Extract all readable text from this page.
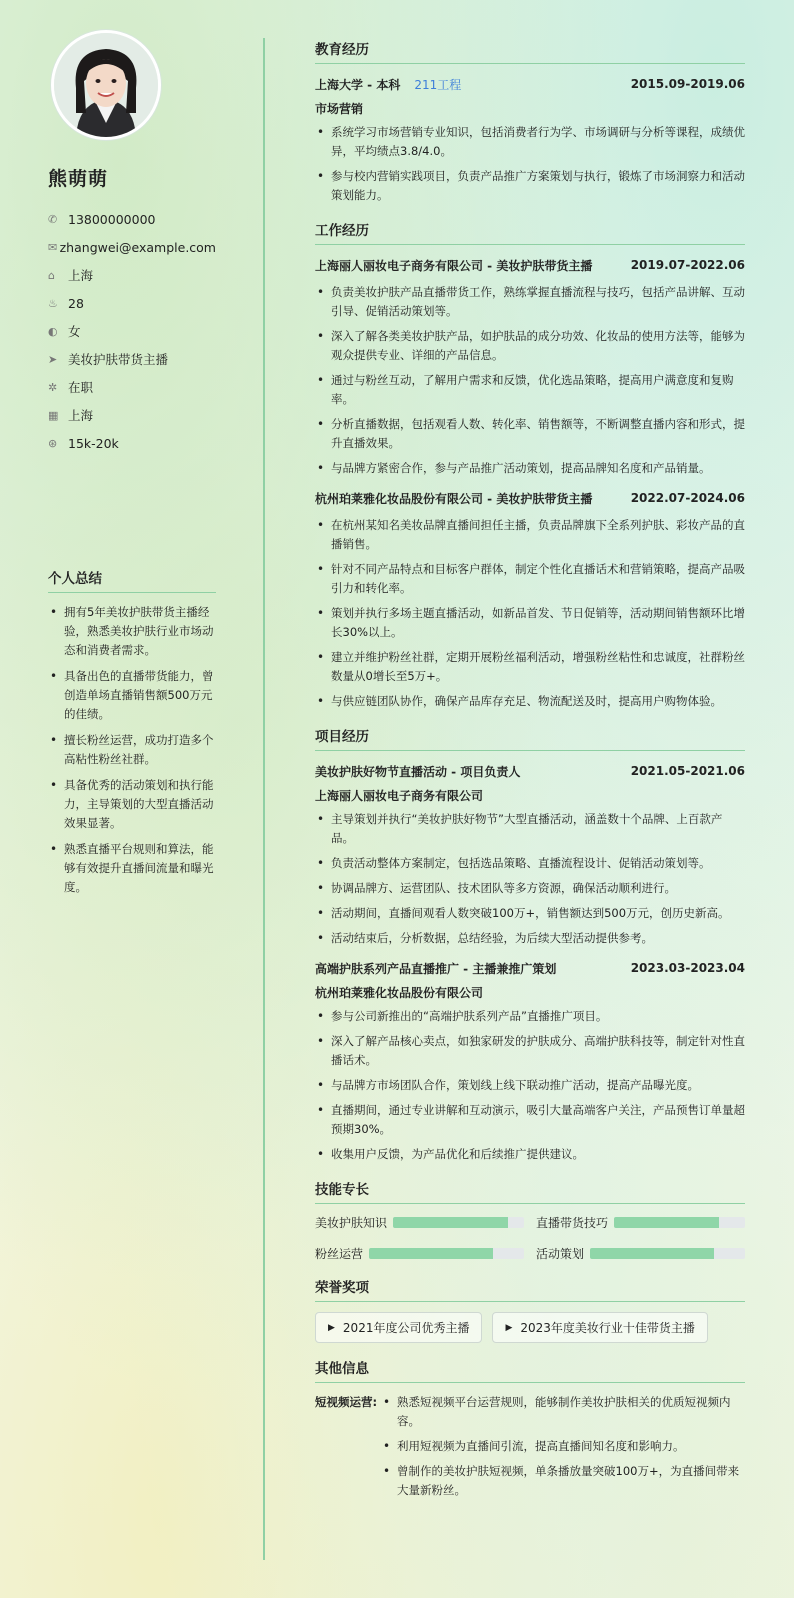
熊萌萌
✆ 13800000000
✉ zhangwei@example.com
⌂	上海
♨ 28
◐ 女
➤ 美妆护肤带货主播
✲ 在职
▦ 上海
⊛ 15k-20k
个人总结
• 拥有5年美妆护肤带货主播经验，熟悉美妆护肤行业市场动态和消费者需求。
• 具备出色的直播带货能力，曾创造单场直播销售额500万元的佳绩。
• 擅长粉丝运营，成功打造多个高粘性粉丝社群。
• 具备优秀的活动策划和执行能力，主导策划的大型直播活动效果显著。
• 熟悉直播平台规则和算法，能够有效提升直播间流量和曝光度。
教育经历
上海大学 - 本科 211工程	2015.09-2019.06
市场营销
• 系统学习市场营销专业知识，包括消费者行为学、市场调研与分析等课程，成绩优异，平均绩点3.8/4.0。
• 参与校内营销实践项目，负责产品推广方案策划与执行，锻炼了市场洞察力和活动策划能力。
工作经历
上海丽人丽妆电子商务有限公司 - 美妆护肤带货主播	2019.07-2022.06
• 负责美妆护肤产品直播带货工作，熟练掌握直播流程与技巧，包括产品讲解、互动引导、促销活动策划等。
• 深入了解各类美妆护肤产品，如护肤品的成分功效、化妆品的使用方法等，能够为观众提供专业、详细的产品信息。
• 通过与粉丝互动，了解用户需求和反馈，优化选品策略，提高用户满意度和复购率。
• 分析直播数据，包括观看人数、转化率、销售额等，不断调整直播内容和形式，提升直播效果。
• 与品牌方紧密合作，参与产品推广活动策划，提高品牌知名度和产品销量。
杭州珀莱雅化妆品股份有限公司 - 美妆护肤带货主播	2022.07-2024.06
• 在杭州某知名美妆品牌直播间担任主播，负责品牌旗下全系列护肤、彩妆产品的直播销售。
• 针对不同产品特点和目标客户群体，制定个性化直播话术和营销策略，提高产品吸引力和转化率。
• 策划并执行多场主题直播活动，如新品首发、节日促销等，活动期间销售额环比增长30%以上。
• 建立并维护粉丝社群，定期开展粉丝福利活动，增强粉丝粘性和忠诚度，社群粉丝数量从0增长至5万+。
• 与供应链团队协作，确保产品库存充足、物流配送及时，提高用户购物体验。
项目经历
美妆护肤好物节直播活动 - 项目负责人	2021.05-2021.06
上海丽人丽妆电子商务有限公司
• 主导策划并执行“美妆护肤好物节”大型直播活动，涵盖数十个品牌、上百款产品。
• 负责活动整体方案制定，包括选品策略、直播流程设计、促销活动策划等。
• 协调品牌方、运营团队、技术团队等多方资源，确保活动顺利进行。
• 活动期间，直播间观看人数突破100万+，销售额达到500万元，创历史新高。
• 活动结束后，分析数据，总结经验，为后续大型活动提供参考。
高端护肤系列产品直播推广 - 主播兼推广策划	2023.03-2023.04
杭州珀莱雅化妆品股份有限公司
• 参与公司新推出的“高端护肤系列产品”直播推广项目。
• 深入了解产品核心卖点，如独家研发的护肤成分、高端护肤科技等，制定针对性直播话术。
• 与品牌方市场团队合作，策划线上线下联动推广活动，提高产品曝光度。
• 直播期间，通过专业讲解和互动演示，吸引大量高端客户关注，产品预售订单量超预期30%。
• 收集用户反馈，为产品优化和后续推广提供建议。
技能专长
美妆护肤知识	直播带货技巧
粉丝运营	活动策划
荣誉奖项
▶ 2021年度公司优秀主播	▶ 2023年度美妆行业十佳带货主播
其他信息
短视频运营:
•	熟悉短视频平台运营规则，能够制作美妆护肤相关的优质短视频内容。
• 利用短视频为直播间引流，提高直播间知名度和影响力。
• 曾制作的美妆护肤短视频，单条播放量突破100万+，为直播间带来大量新粉丝。
